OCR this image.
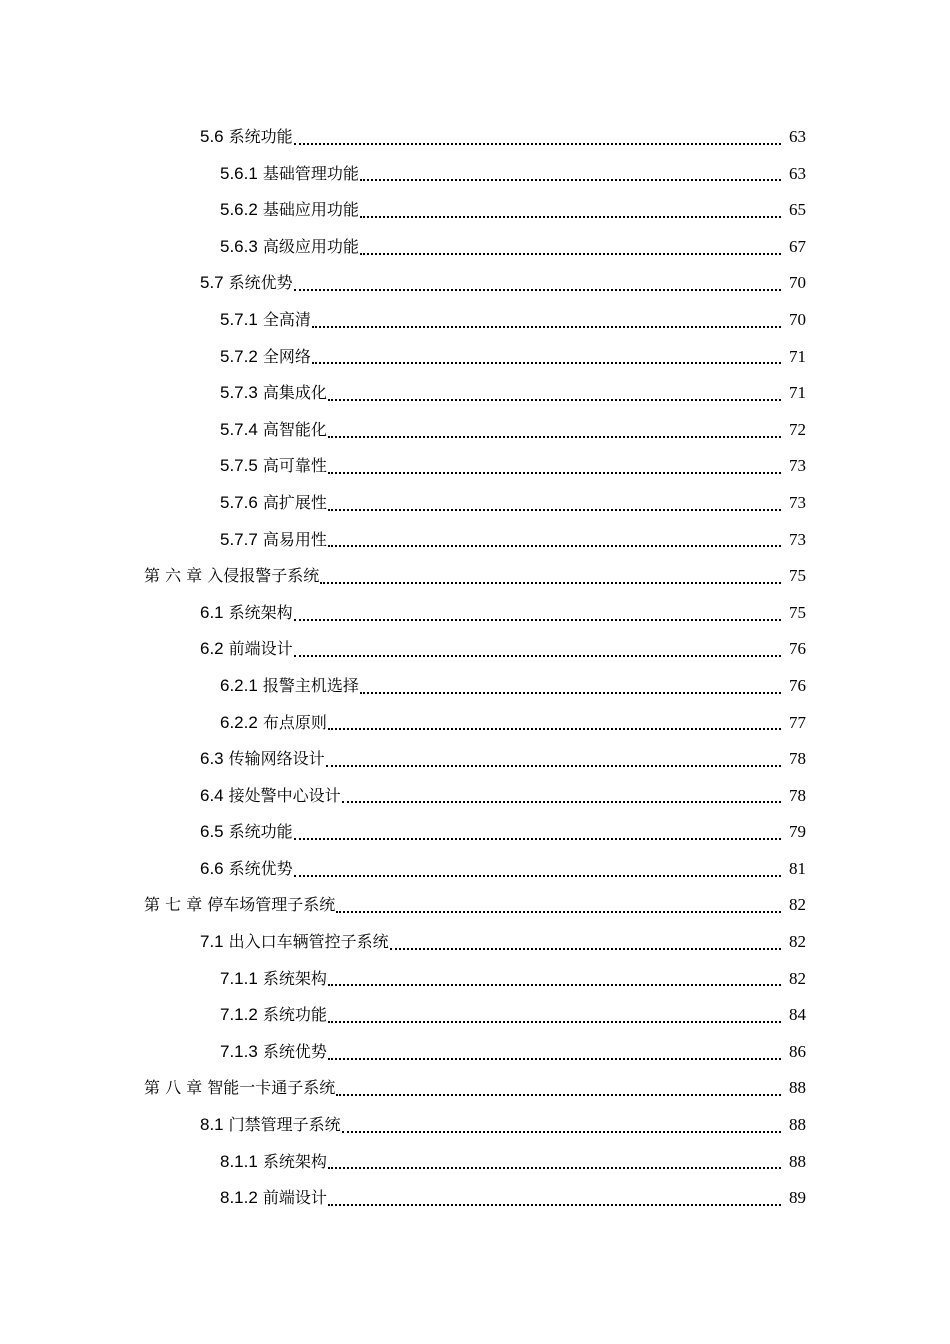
5.6 系统功能	63
5.6.1 基础管理功能	63
5.6.2 基础应用功能	65
5.6.3 高级应用功能	67
5.7 系统优势	70
5.7.1 全高清	70
5.7.2 全网络	71
5.7.3 高集成化	71
5.7.4 高智能化	72
5.7.5 高可靠性	73
5.7.6 高扩展性	73
5.7.7 高易用性	73
第 六 章 入侵报警子系统	75
6.1 系统架构	75
6.2 前端设计	76
6.2.1 报警主机选择	76
6.2.2 布点原则	77
6.3 传输网络设计	78
6.4 接处警中心设计	78
6.5 系统功能	79
6.6 系统优势	81
第 七 章 停车场管理子系统	82
7.1 出入口车辆管控子系统	82
7.1.1 系统架构	82
7.1.2 系统功能	84
7.1.3 系统优势	86
第 八 章 智能一卡通子系统	88
8.1 门禁管理子系统	88
8.1.1 系统架构	88
8.1.2 前端设计	89
